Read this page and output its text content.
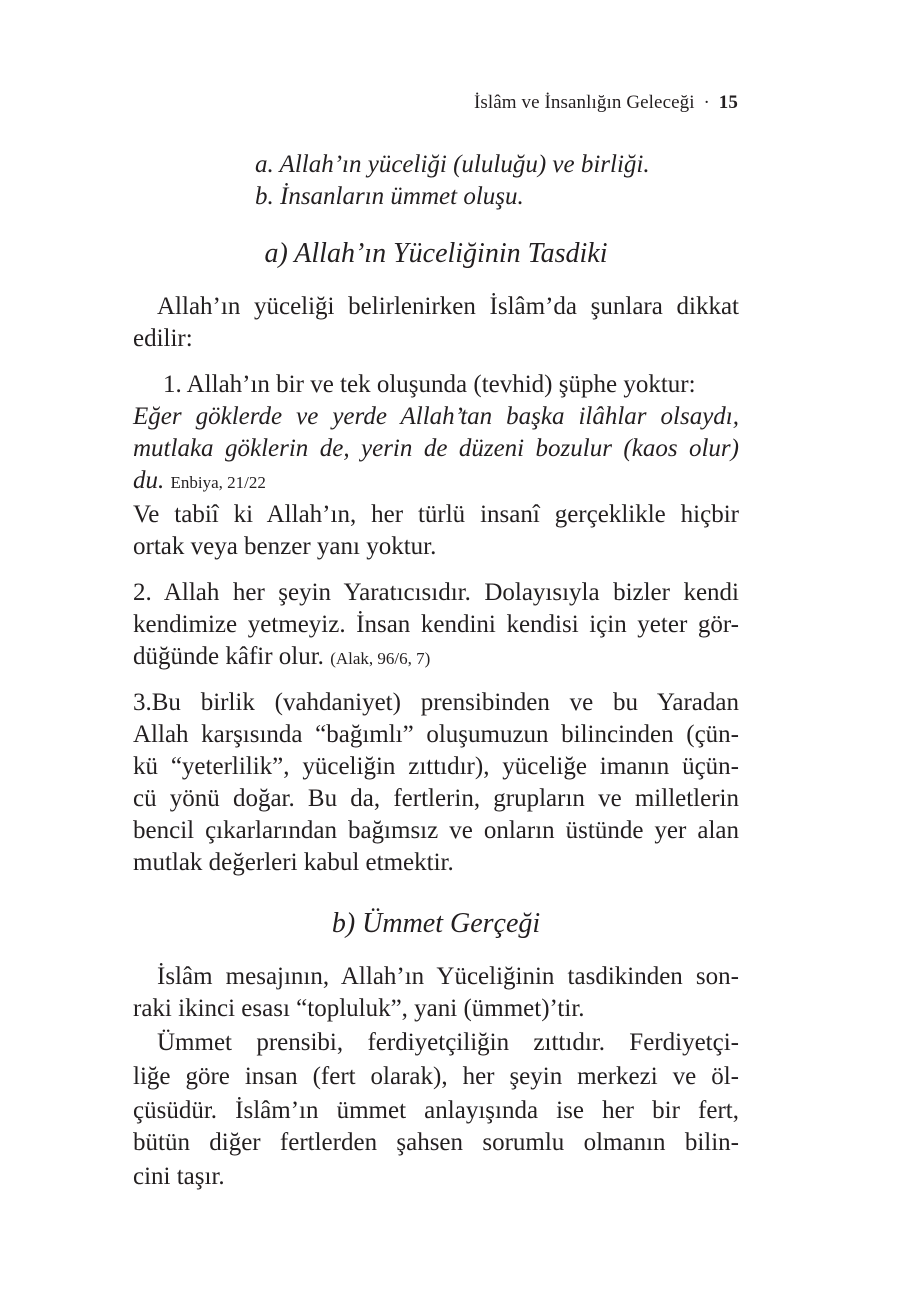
İslâm ve İnsanlığın Geleceği · 15
a. Allah’ın yüceliği (ululuğu) ve birliği.
b. İnsanların ümmet oluşu.
a) Allah’ın Yüceliğinin Tasdiki
Allah’ın yüceliği belirlenirken İslâm’da şunlara dikkat
edilir:
1. Allah’ın bir ve tek oluşunda (tevhid) şüphe yoktur:
Eğer göklerde ve yerde Allah’tan başka ilâhlar olsaydı,
mutlaka göklerin de, yerin de düzeni bozulur (kaos olur)
du. Enbiya, 21/22
Ve tabiî ki Allah’ın, her türlü insanî gerçeklikle hiçbir
ortak veya benzer yanı yoktur.
2. Allah her şeyin Yaratıcısıdır. Dolayısıyla bizler kendi
kendimize yetmeyiz. İnsan kendini kendisi için yeter gör-
düğünde kâfir olur. (Alak, 96/6, 7)
3.Bu birlik (vahdaniyet) prensibinden ve bu Yaradan
Allah karşısında “bağımlı” oluşumuzun bilincinden (çün-
kü “yeterlilik”, yüceliğin zıttıdır), yüceliğe imanın üçün-
cü yönü doğar. Bu da, fertlerin, grupların ve milletlerin
bencil çıkarlarından bağımsız ve onların üstünde yer alan
mutlak değerleri kabul etmektir.
b) Ümmet Gerçeği
İslâm mesajının, Allah’ın Yüceliğinin tasdikinden son-
raki ikinci esası “topluluk”, yani (ümmet)’tir.
Ümmet prensibi, ferdiyetçiliğin zıttıdır. Ferdiyetçi-
liğe göre insan (fert olarak), her şeyin merkezi ve öl-
çüsüdür. İslâm’ın ümmet anlayışında ise her bir fert,
bütün diğer fertlerden şahsen sorumlu olmanın bilin-
cini taşır.
